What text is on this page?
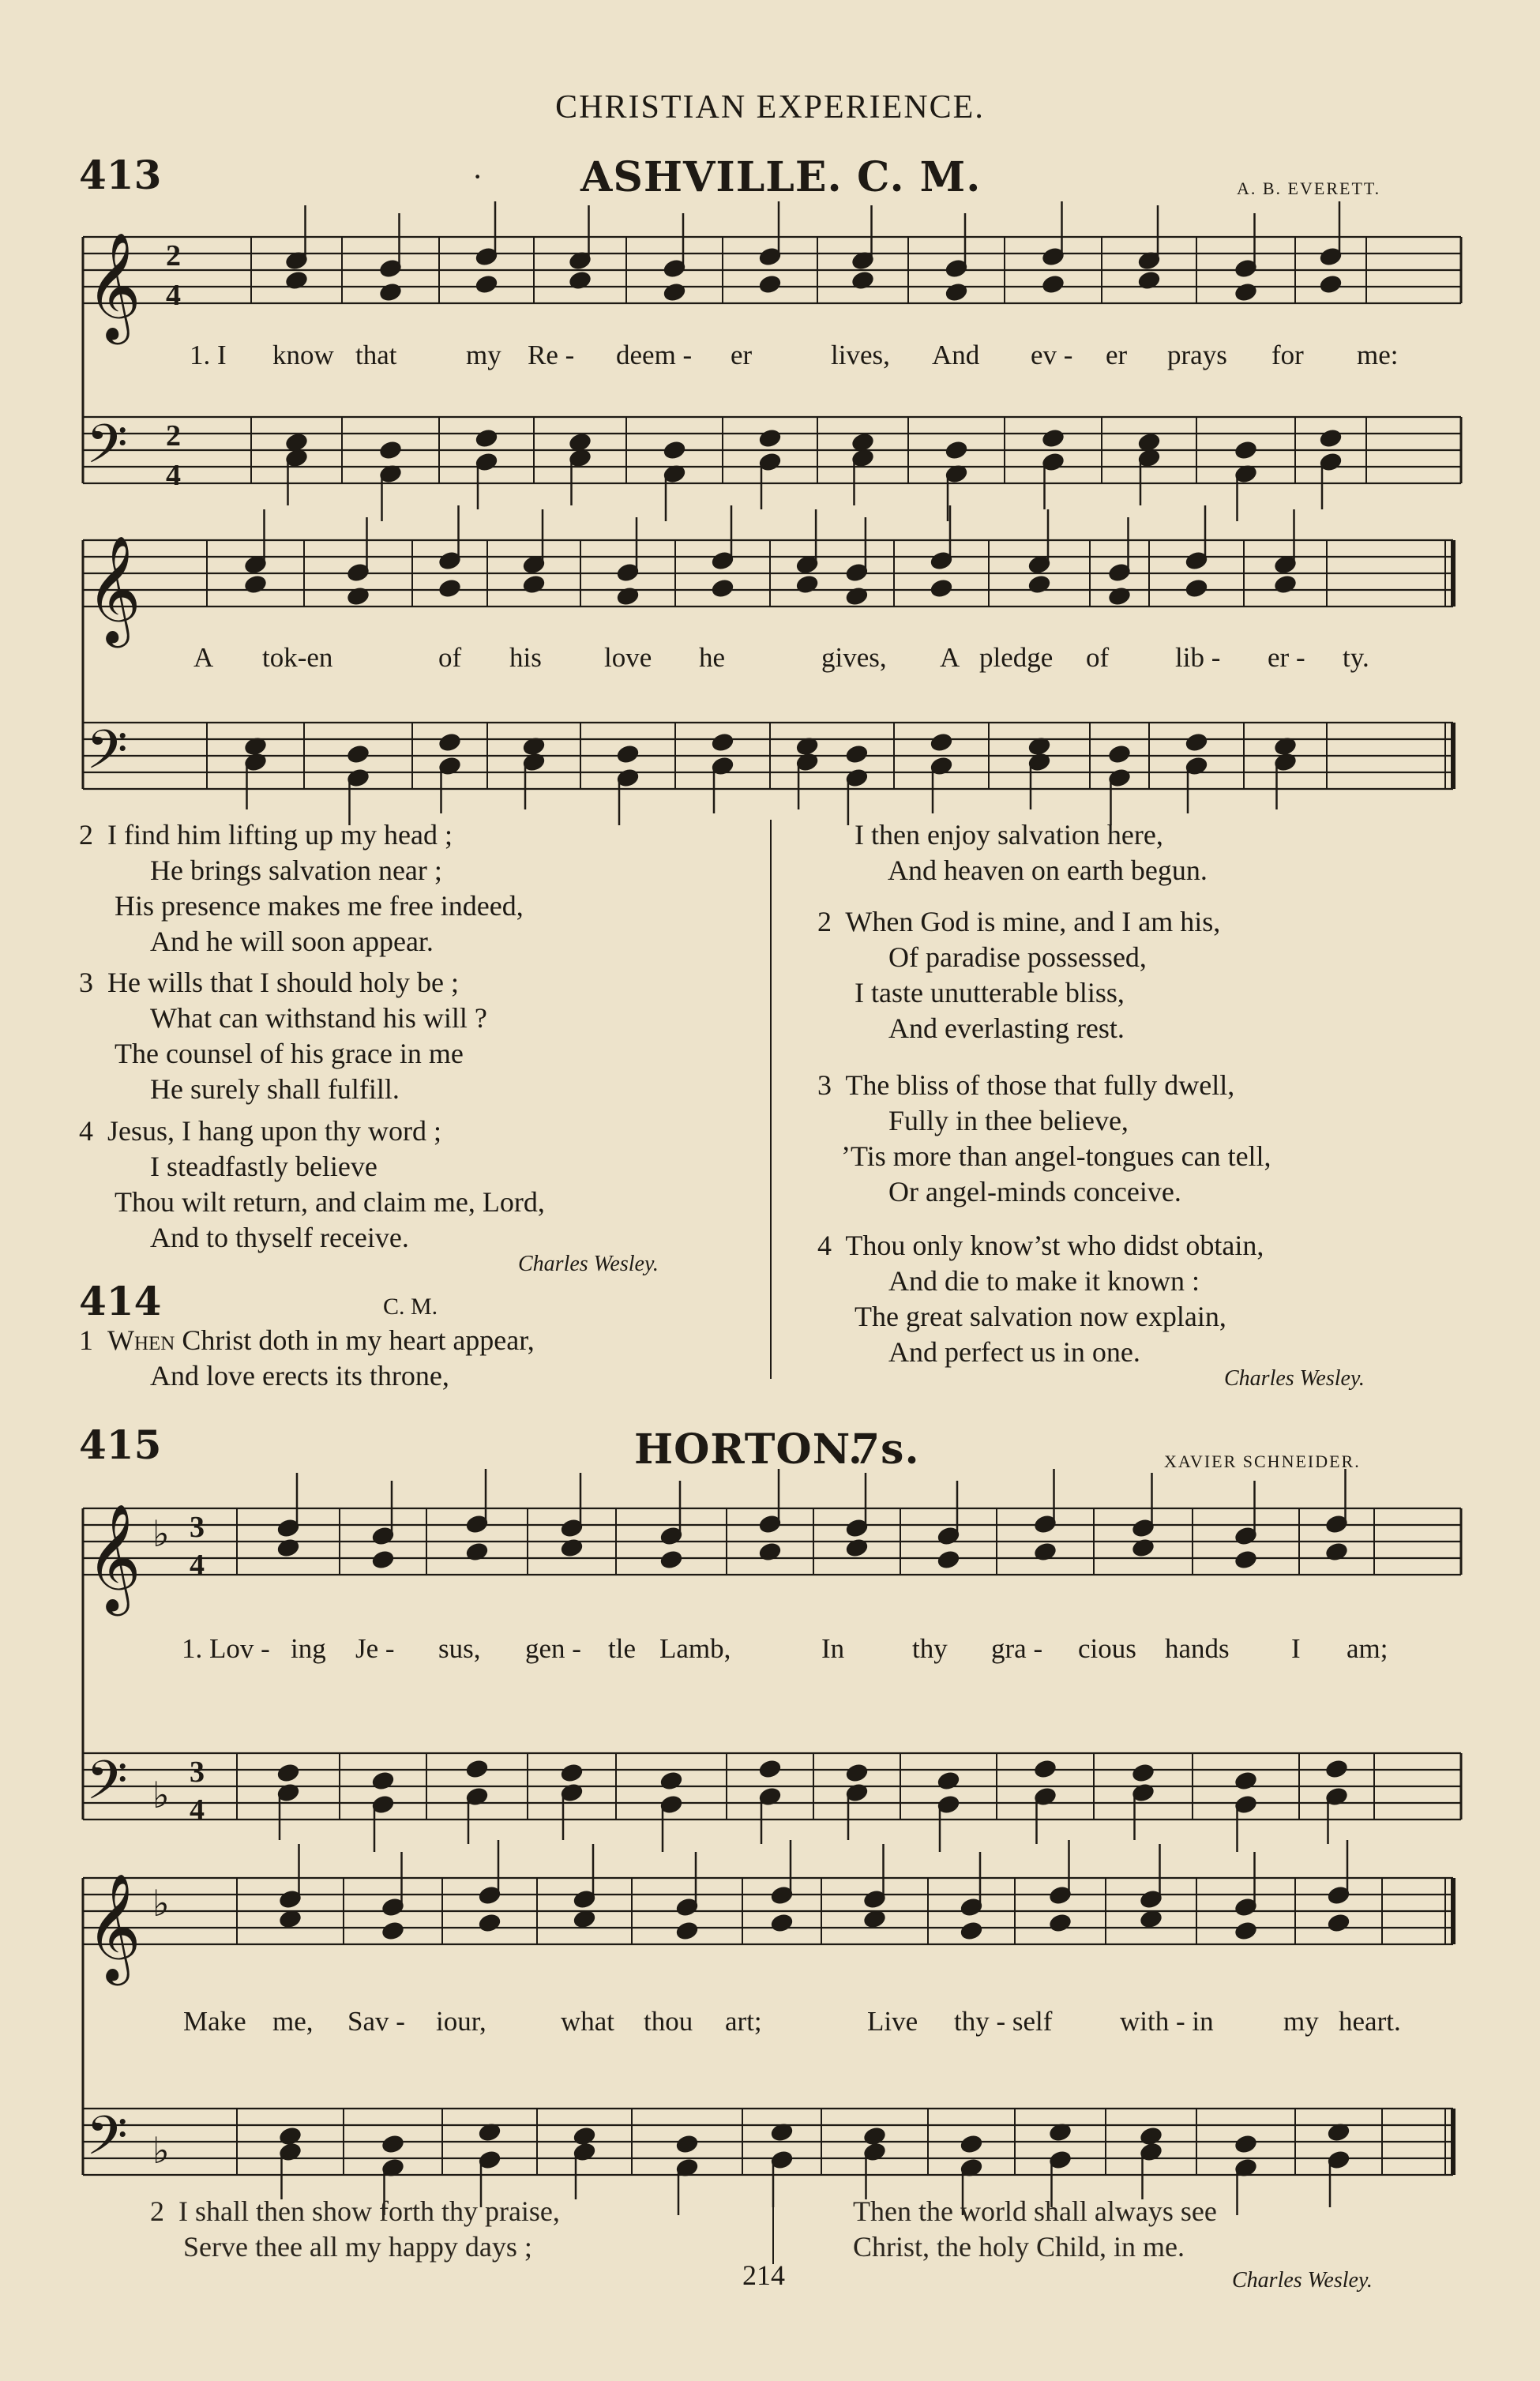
CHRISTIAN EXPERIENCE.
413	· ASHVILLE. C. M.	A. B. EVERETT.
𝄞
𝄢
𝄞
𝄢
𝄞
𝄢
♭
♭
𝄞
𝄢
♭
♭
2
4
2
4
1. I know that	my Re - deem - er	lives, And ev - er prays for me:
A tok-en	of his love he	gives, A pledge of lib - er - ty.
2 I find him lifting up my head ;
He brings salvation near ;
His presence makes me free indeed,
And he will soon appear.
3 He wills that I should holy be ;
What can withstand his will ?
The counsel of his grace in me
He surely shall fulfill.
4 Jesus, I hang upon thy word ;
I steadfastly believe
Thou wilt return, and claim me, Lord,
And to thyself receive.
Charles Wesley.
414	C. M.
1 When Christ doth in my heart appear,
And love erects its throne,
I then enjoy salvation here,
And heaven on earth begun.
2 When God is mine, and I am his,
Of paradise possessed,
I taste unutterable bliss,
And everlasting rest.
3 The bliss of those that fully dwell,
Fully in thee believe,
’Tis more than angel-tongues can tell,
Or angel-minds conceive.
4 Thou only know’st who didst obtain,
And die to make it known :
The great salvation now explain,
And perfect us in one.
Charles Wesley.
415	HORTON.
7s.	XAVIER SCHNEIDER.
3
4
3
4
1. Lov - ing Je - sus, gen - tle Lamb,	In thy gra - cious hands I am;
Make me, Sav - iour,	what thou art;	Live thy - self with - in	my heart.
2 I shall then show forth thy praise,
Serve thee all my happy days ;
Then the world shall always see
Christ, the holy Child, in me.
214	Charles Wesley.
